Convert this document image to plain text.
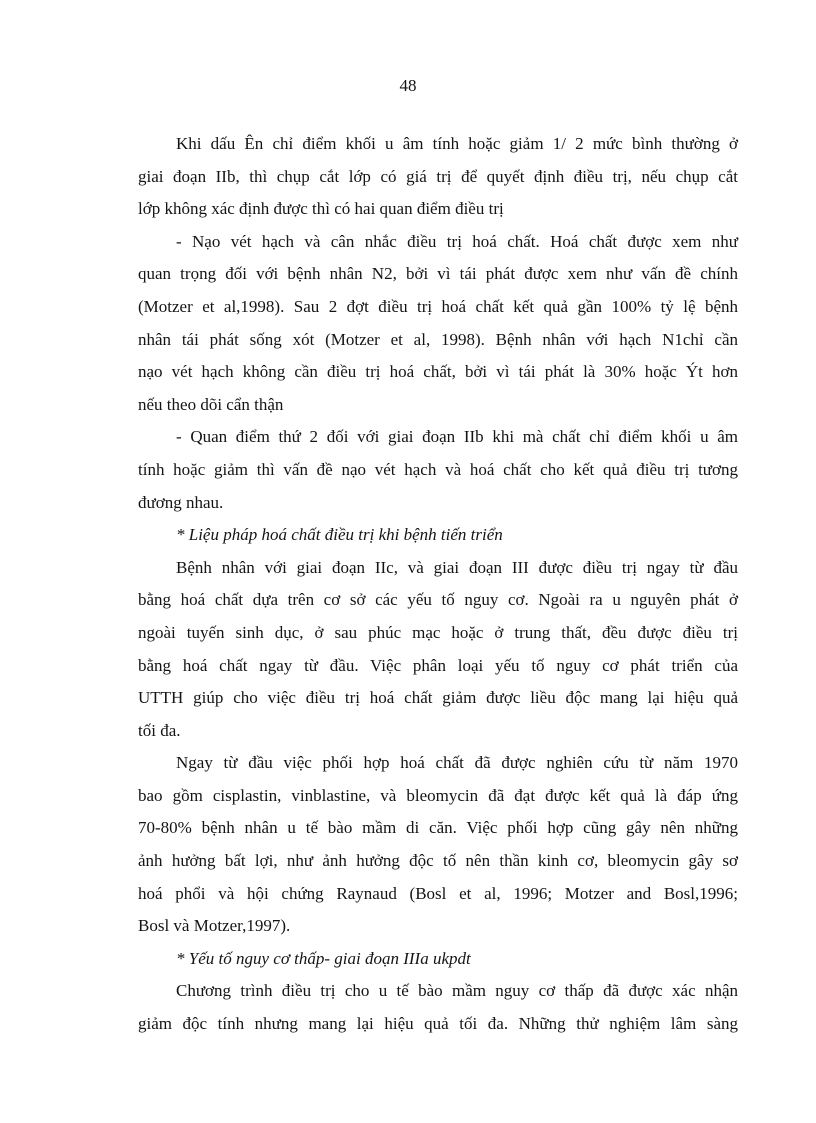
48
Khi dấu Ên chỉ điểm khối u âm tính hoặc giảm 1/ 2 mức bình thường ở
giai đoạn IIb, thì chụp cắt lớp có giá trị để quyết định điều trị, nếu chụp cắt
lớp không xác định được thì có hai quan điểm điều trị
- Nạo vét hạch và cân nhắc điều trị hoá chất. Hoá chất được xem như
quan trọng đối với bệnh nhân N2, bởi vì tái phát được xem như vấn đề chính
(Motzer et al,1998). Sau 2 đợt điều trị hoá chất kết quả gần 100% tỷ lệ bệnh
nhân tái phát sống xót (Motzer et al, 1998). Bệnh nhân với hạch N1chỉ cần
nạo vét hạch không cần điều trị hoá chất, bởi vì tái phát là 30% hoặc Ýt hơn
nếu theo dõi cẩn thận
- Quan điểm thứ 2 đối với giai đoạn IIb khi mà chất chỉ điểm khối u âm
tính hoặc giảm thì vấn đề nạo vét hạch và hoá chất cho kết quả điều trị tương
đương nhau.
* Liệu pháp hoá chất điều trị khi bệnh tiến triển
Bệnh nhân với giai đoạn IIc, và giai đoạn III được điều trị ngay từ đầu
bằng hoá chất dựa trên cơ sở các yếu tố nguy cơ. Ngoài ra u nguyên phát ở
ngoài tuyến sinh dục, ở sau phúc mạc hoặc ở trung thất, đều được điều trị
bằng hoá chất ngay từ đầu. Việc phân loại yếu tố nguy cơ phát triển của
UTTH giúp cho việc điều trị hoá chất giảm được liều độc mang lại hiệu quả
tối đa.
Ngay từ đầu việc phối hợp hoá chất đã được nghiên cứu từ năm 1970
bao gồm cisplastin, vinblastine, và bleomycin đã đạt được kết quả là đáp ứng
70-80% bệnh nhân u tế bào mầm di căn. Việc phối hợp cũng gây nên những
ảnh hưởng bất lợi, như ảnh hưởng độc tố nên thần kinh cơ, bleomycin gây sơ
hoá phổi và hội chứng Raynaud (Bosl et al, 1996; Motzer and Bosl,1996;
Bosl và Motzer,1997).
* Yếu tố nguy cơ thấp- giai đoạn IIIa ukpdt
Chương trình điều trị cho u tế bào mầm nguy cơ thấp đã được xác nhận
giảm độc tính nhưng mang lại hiệu quả tối đa. Những thử nghiệm lâm sàng
